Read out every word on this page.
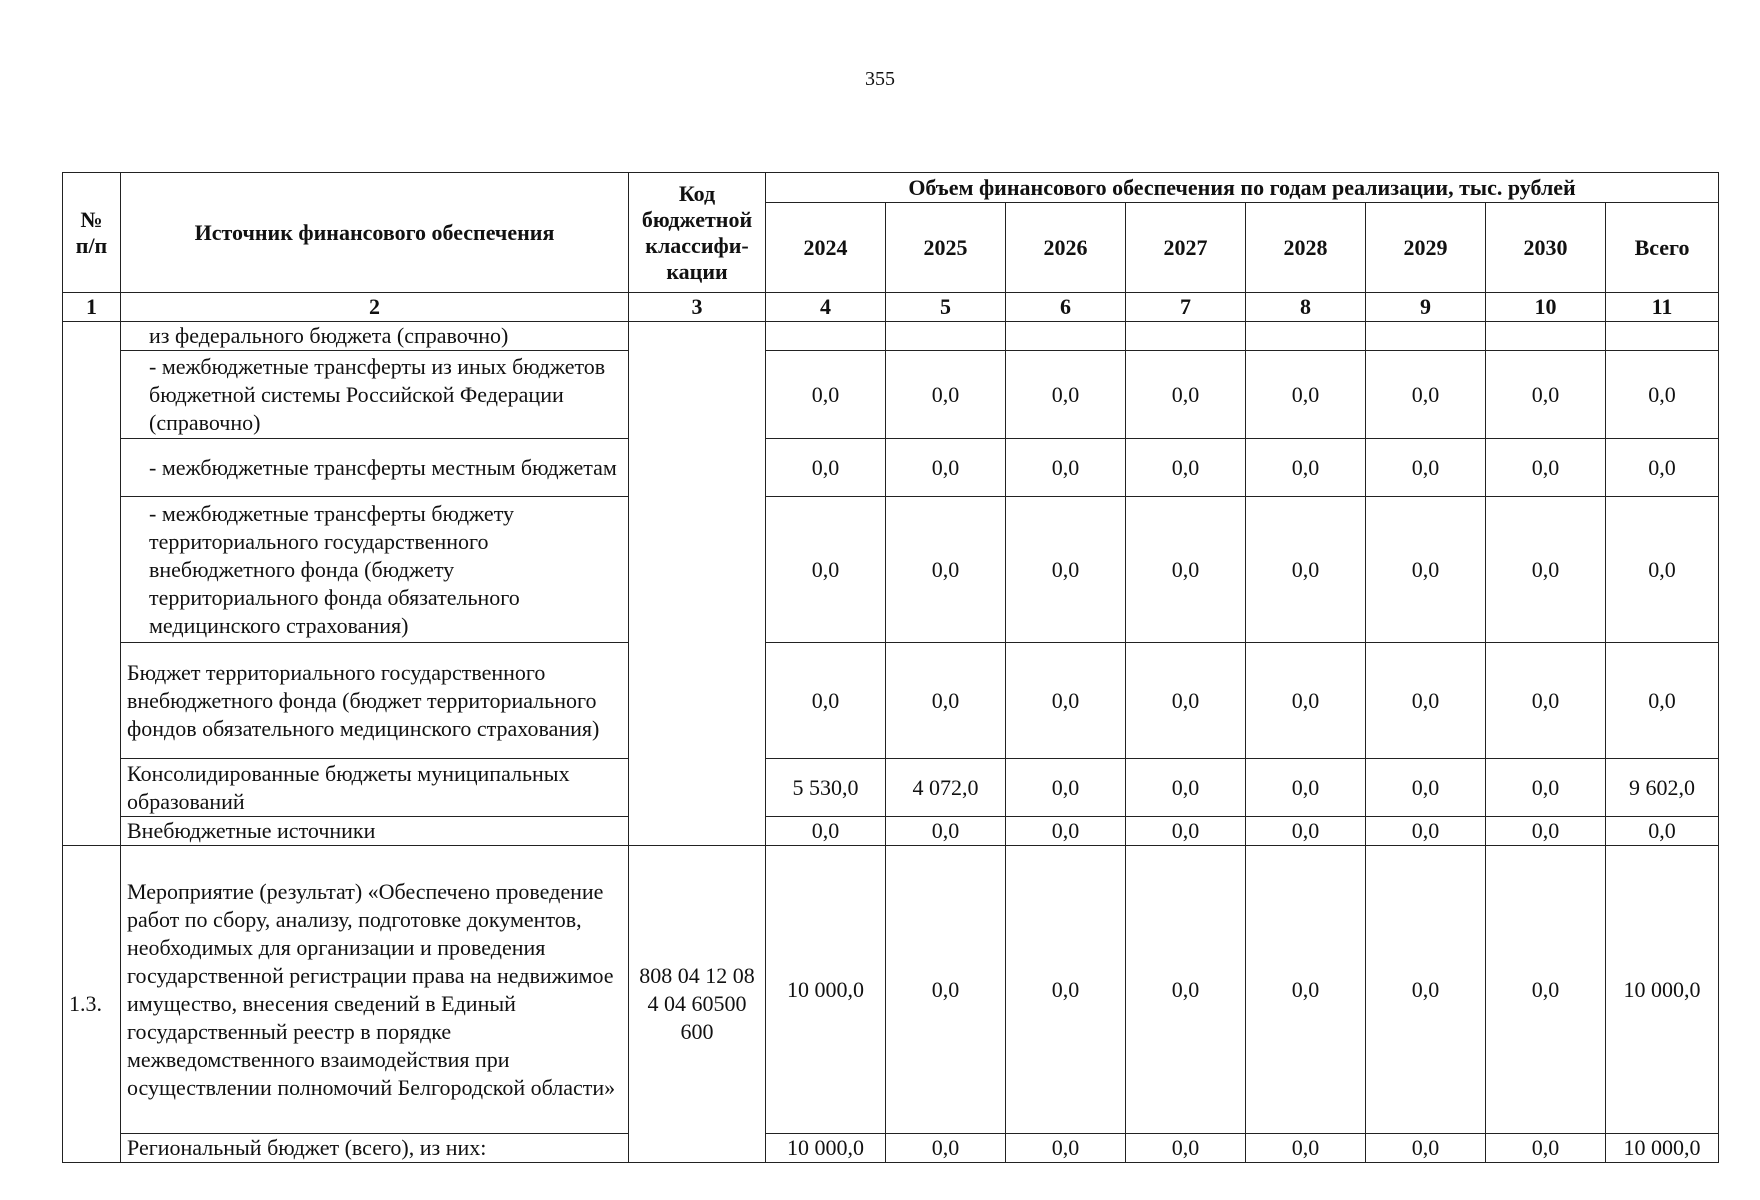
355
№ п/п	Источник финансового обеспечения	Код бюджетной классифи-кации	Объем финансового обеспечения по годам реализации, тыс. рублей							
			2024	2025	2026	2027	2028	2029	2030	Всего
1	2	3	4	5	6	7	8	9	10	11
	из федерального бюджета (справочно)									
	- межбюджетные трансферты из иных бюджетов бюджетной системы Российской Федерации (справочно)		0,0	0,0	0,0	0,0	0,0	0,0	0,0	0,0
	- межбюджетные трансферты местным бюджетам		0,0	0,0	0,0	0,0	0,0	0,0	0,0	0,0
	- межбюджетные трансферты бюджету территориального государственного внебюджетного фонда (бюджету территориального фонда обязательного медицинского страхования)		0,0	0,0	0,0	0,0	0,0	0,0	0,0	0,0
	Бюджет территориального государственного внебюджетного фонда (бюджет территориального фондов обязательного медицинского страхования)		0,0	0,0	0,0	0,0	0,0	0,0	0,0	0,0
	Консолидированные бюджеты муниципальных образований		5 530,0	4 072,0	0,0	0,0	0,0	0,0	0,0	9 602,0
	Внебюджетные источники		0,0	0,0	0,0	0,0	0,0	0,0	0,0	0,0
1.3.	Мероприятие (результат) «Обеспечено проведение работ по сбору, анализу, подготовке документов, необходимых для организации и проведения государственной регистрации права на недвижимое имущество, внесения сведений в Единый государственный реестр в порядке межведомственного взаимодействия при осуществлении полномочий Белгородской области»	808 04 12 08 4 04 60500 600	10 000,0	0,0	0,0	0,0	0,0	0,0	0,0	10 000,0
	Региональный бюджет (всего), из них:		10 000,0	0,0	0,0	0,0	0,0	0,0	0,0	10 000,0
